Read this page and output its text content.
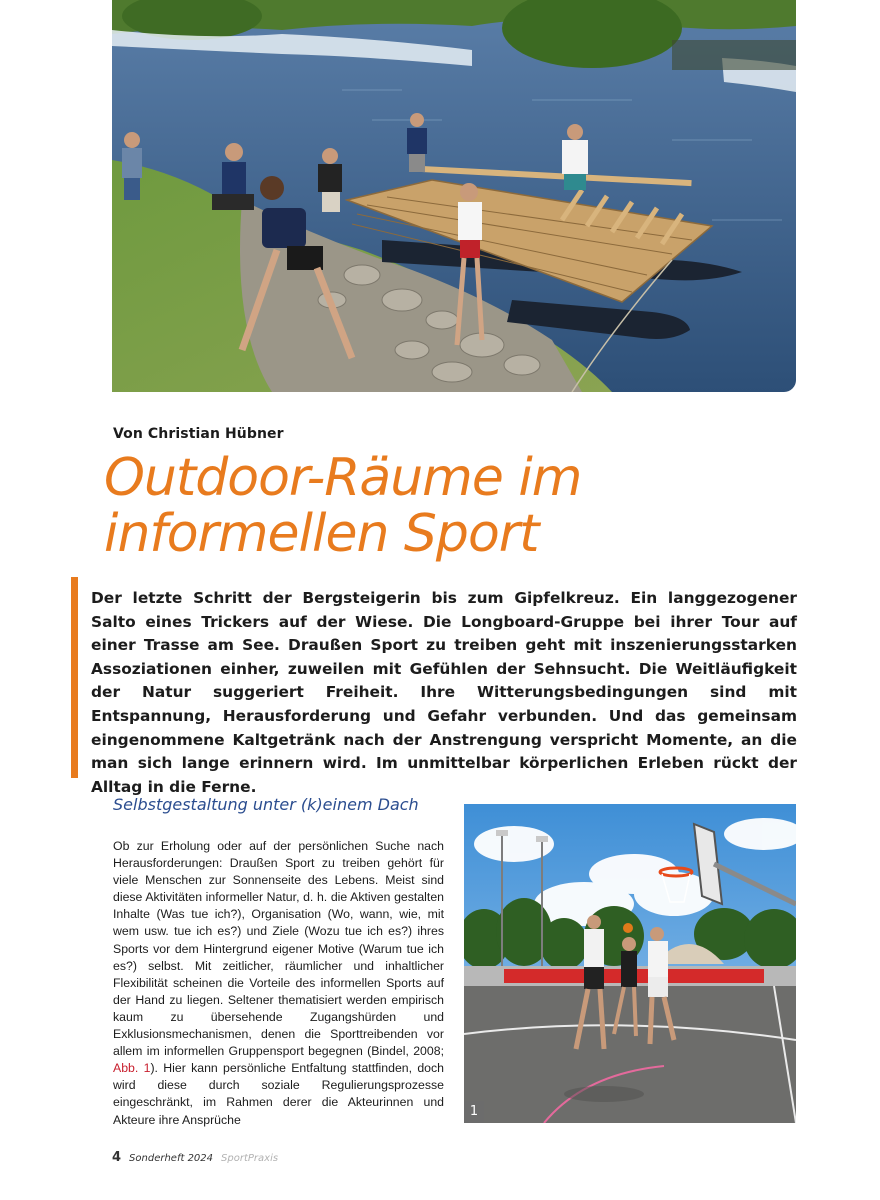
Von Christian Hübner
Outdoor-Räume im
informellen Sport
Der letzte Schritt der Bergsteigerin bis zum Gipfelkreuz. Ein langgezogener Salto eines Trickers auf der Wiese. Die Longboard-Gruppe bei ihrer Tour auf einer Trasse am See. Draußen Sport zu treiben geht mit inszenierungsstarken Assoziationen einher, zuweilen mit Gefühlen der Sehnsucht. Die Weitläufigkeit der Natur suggeriert Freiheit. Ihre Witterungsbedingungen sind mit Entspannung, Herausforderung und Gefahr verbunden. Und das gemeinsam eingenommene Kaltgetränk nach der Anstrengung verspricht Momente, an die man sich lange erinnern wird. Im unmittelbar körperlichen Erleben rückt der Alltag in die Ferne.
Selbstgestaltung unter (k)einem Dach
Ob zur Erholung oder auf der persönlichen Suche nach Herausforderungen: Draußen Sport zu treiben gehört für viele Menschen zur Sonnenseite des Lebens. Meist sind diese Aktivitäten informeller Natur, d. h. die Aktiven gestalten Inhalte (Was tue ich?), Organisation (Wo, wann, wie, mit wem usw. tue ich es?) und Ziele (Wozu tue ich es?) ihres Sports vor dem Hintergrund eigener Motive (Warum tue ich es?) selbst. Mit zeitlicher, räumlicher und inhaltlicher Flexibilität scheinen die Vorteile des informellen Sports auf der Hand zu liegen. Seltener thematisiert werden empirisch kaum zu übersehende Zugangshürden und Exklusionsmechanismen, denen die Sporttreibenden vor allem im informellen Gruppensport begegnen (Bindel, 2008; Abb. 1). Hier kann persönliche Entfaltung stattfinden, doch wird diese durch soziale Regulierungsprozesse eingeschränkt, im Rahmen derer die Akteurinnen und Akteure ihre Ansprüche
1
4 Sonderheft 2024 SportPraxis
